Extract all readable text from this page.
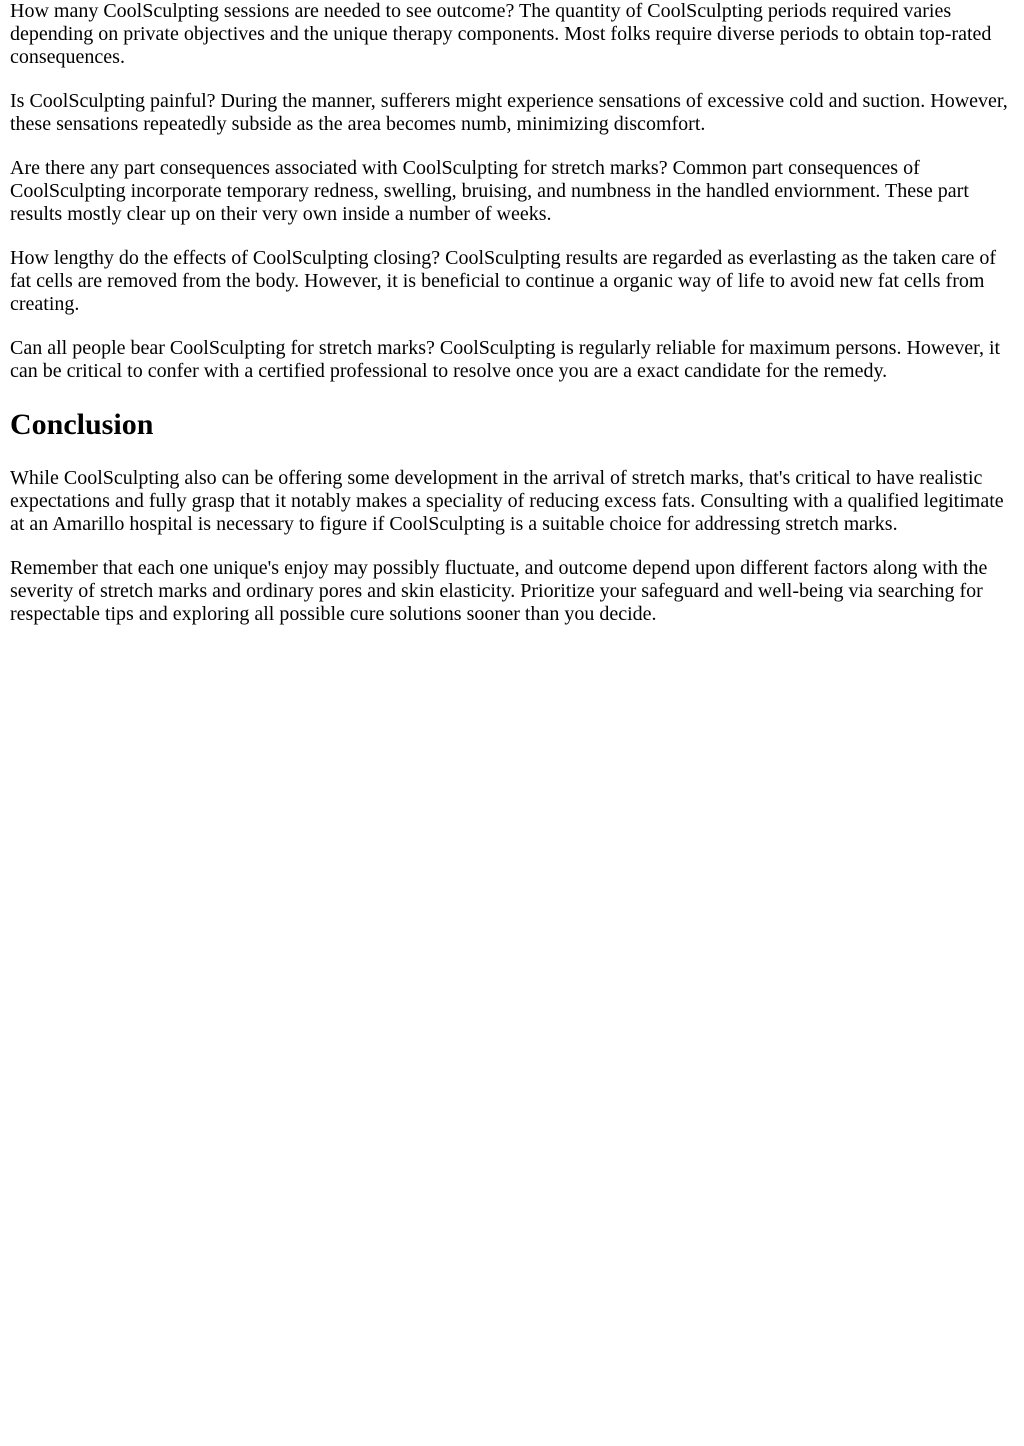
How many CoolSculpting sessions are needed to see outcome? The quantity of CoolSculpting periods required varies depending on private objectives and the unique therapy components. Most folks require diverse periods to obtain top-rated consequences.

Is CoolSculpting painful? During the manner, sufferers might experience sensations of excessive cold and suction. However, these sensations repeatedly subside as the area becomes numb, minimizing discomfort.

Are there any part consequences associated with CoolSculpting for stretch marks? Common part consequences of CoolSculpting incorporate temporary redness, swelling, bruising, and numbness in the handled enviornment. These part results mostly clear up on their very own inside a number of weeks.

How lengthy do the effects of CoolSculpting closing? CoolSculpting results are regarded as everlasting as the taken care of fat cells are removed from the body. However, it is beneficial to continue a organic way of life to avoid new fat cells from creating.

Can all people bear CoolSculpting for stretch marks? CoolSculpting is regularly reliable for maximum persons. However, it can be critical to confer with a certified professional to resolve once you are a exact candidate for the remedy.

Conclusion

While CoolSculpting also can be offering some development in the arrival of stretch marks, that's critical to have realistic expectations and fully grasp that it notably makes a speciality of reducing excess fats. Consulting with a qualified legitimate at an Amarillo hospital is necessary to figure if CoolSculpting is a suitable choice for addressing stretch marks.

Remember that each one unique's enjoy may possibly fluctuate, and outcome depend upon different factors along with the severity of stretch marks and ordinary pores and skin elasticity. Prioritize your safeguard and well-being via searching for respectable tips and exploring all possible cure solutions sooner than you decide.
